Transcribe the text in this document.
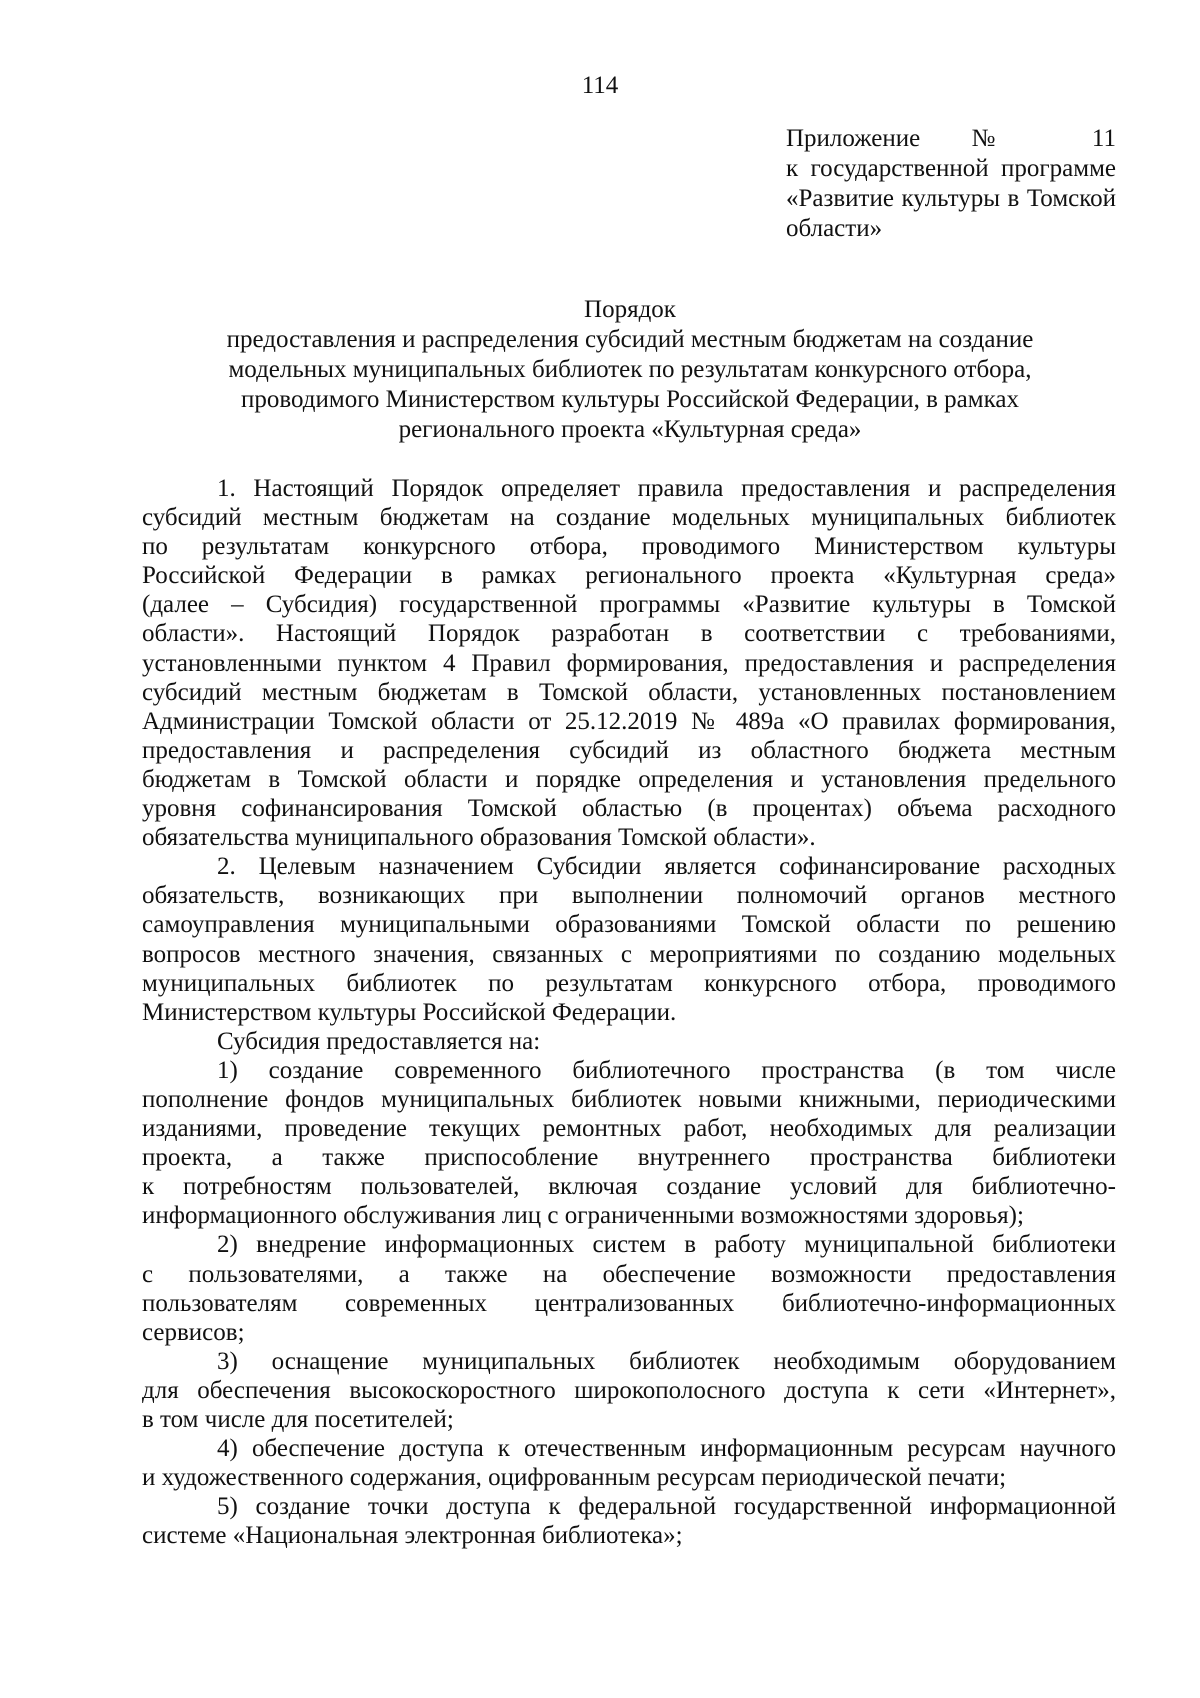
114
Приложение № 11
к государственной программе
«Развитие культуры в Томской
области»
Порядок
предоставления и распределения субсидий местным бюджетам на создание
модельных муниципальных библиотек по результатам конкурсного отбора,
проводимого Министерством культуры Российской Федерации, в рамках
регионального проекта «Культурная среда»
1. Настоящий Порядок определяет правила предоставления и распределения
субсидий местным бюджетам на создание модельных муниципальных библиотек
по результатам конкурсного отбора, проводимого Министерством культуры
Российской Федерации в рамках регионального проекта «Культурная среда»
(далее – Субсидия) государственной программы «Развитие культуры в Томской
области». Настоящий Порядок разработан в соответствии с требованиями,
установленными пунктом 4 Правил формирования, предоставления и распределения
субсидий местным бюджетам в Томской области, установленных постановлением
Администрации Томской области от 25.12.2019 № 489а «О правилах формирования,
предоставления и распределения субсидий из областного бюджета местным
бюджетам в Томской области и порядке определения и установления предельного
уровня софинансирования Томской областью (в процентах) объема расходного
обязательства муниципального образования Томской области».
2. Целевым назначением Субсидии является софинансирование расходных
обязательств, возникающих при выполнении полномочий органов местного
самоуправления муниципальными образованиями Томской области по решению
вопросов местного значения, связанных с мероприятиями по созданию модельных
муниципальных библиотек по результатам конкурсного отбора, проводимого
Министерством культуры Российской Федерации.
Субсидия предоставляется на:
1) создание современного библиотечного пространства (в том числе
пополнение фондов муниципальных библиотек новыми книжными, периодическими
изданиями, проведение текущих ремонтных работ, необходимых для реализации
проекта, а также приспособление внутреннего пространства библиотеки
к потребностям пользователей, включая создание условий для библиотечно-
информационного обслуживания лиц с ограниченными возможностями здоровья);
2) внедрение информационных систем в работу муниципальной библиотеки
с пользователями, а также на обеспечение возможности предоставления
пользователям современных централизованных библиотечно-информационных
сервисов;
3) оснащение муниципальных библиотек необходимым оборудованием
для обеспечения высокоскоростного широкополосного доступа к сети «Интернет»,
в том числе для посетителей;
4) обеспечение доступа к отечественным информационным ресурсам научного
и художественного содержания, оцифрованным ресурсам периодической печати;
5) создание точки доступа к федеральной государственной информационной
системе «Национальная электронная библиотека»;
